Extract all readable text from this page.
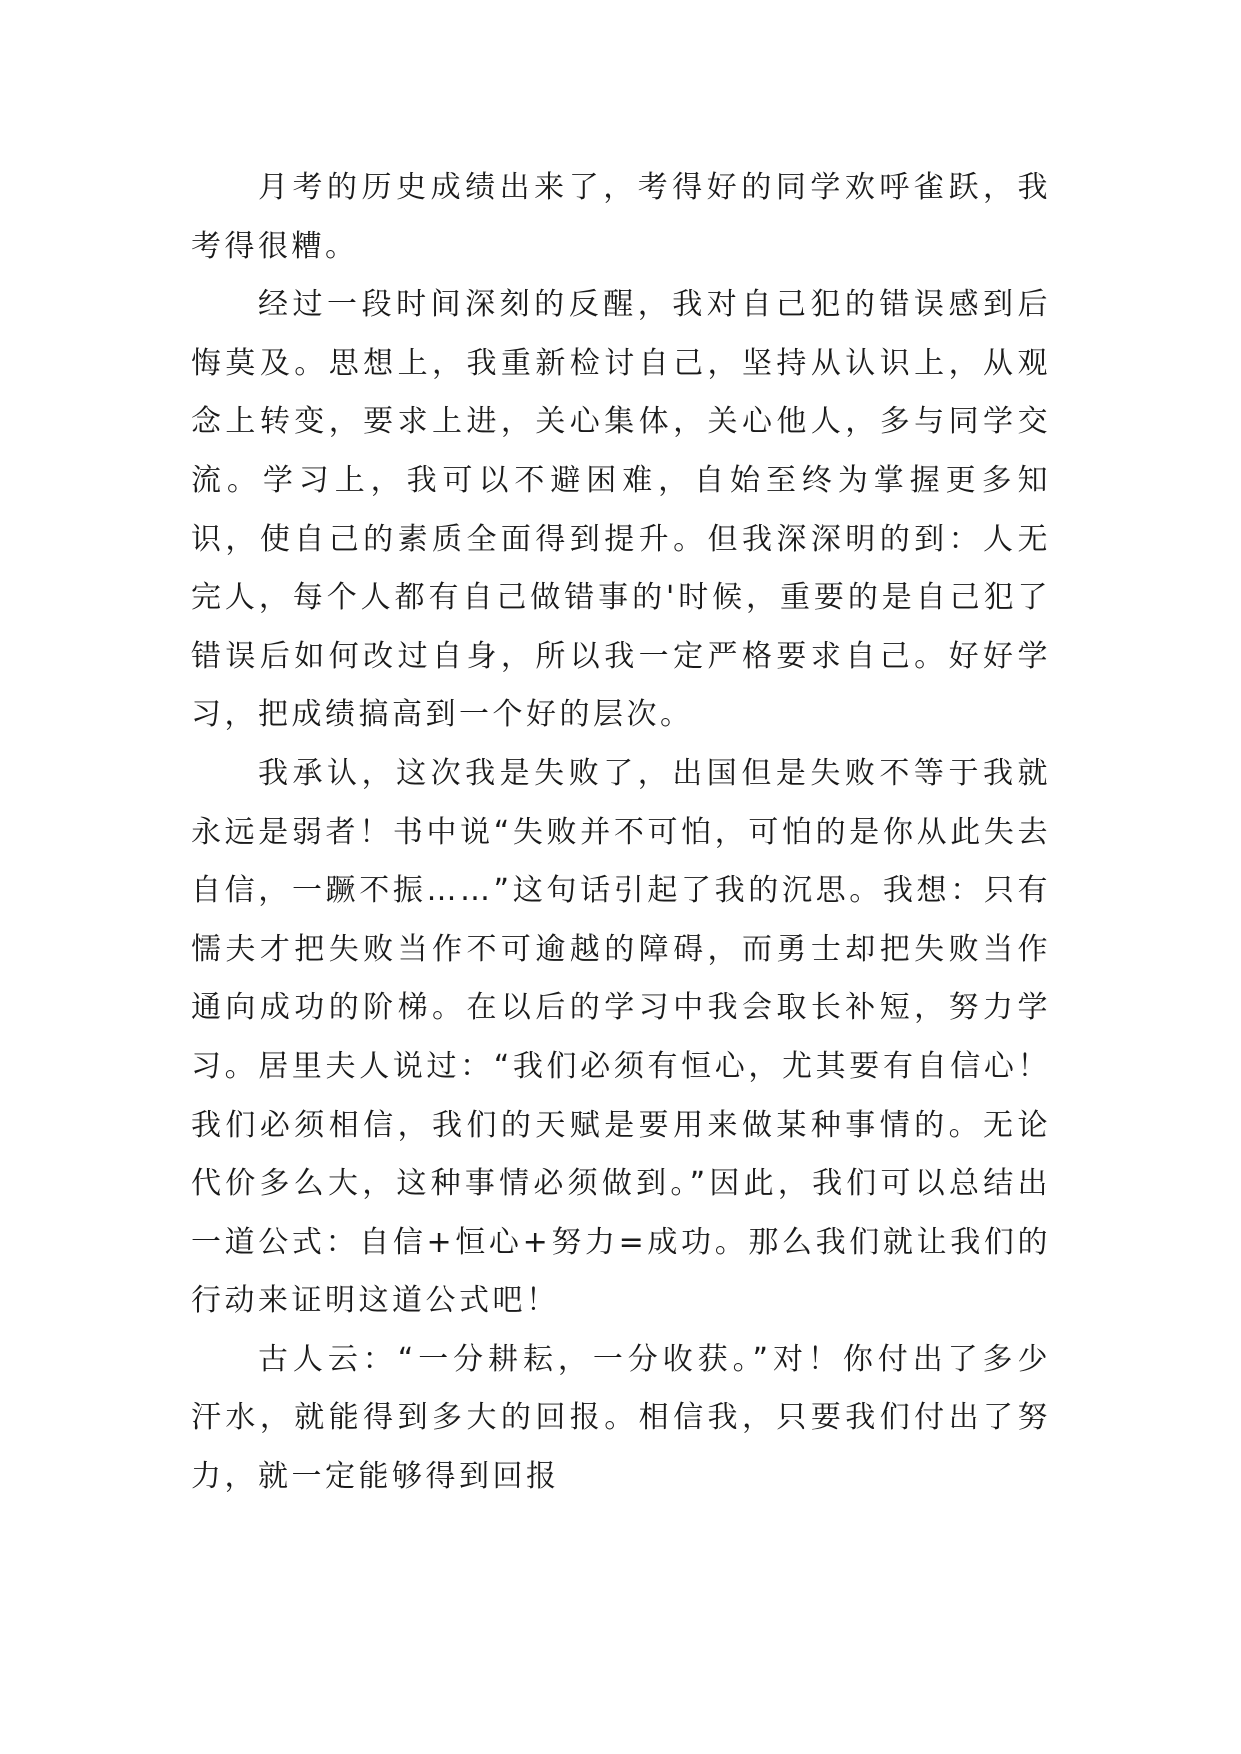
月考的历史成绩出来了，考得好的同学欢呼雀跃，我考得很糟。

经过一段时间深刻的反醒，我对自己犯的错误感到后悔莫及。思想上，我重新检讨自己，坚持从认识上，从观念上转变，要求上进，关心集体，关心他人，多与同学交流。学习上，我可以不避困难，自始至终为掌握更多知识，使自己的素质全面得到提升。但我深深明的到：人无完人，每个人都有自己做错事的'时候，重要的是自己犯了错误后如何改过自身，所以我一定严格要求自己。好好学习，把成绩搞高到一个好的层次。

我承认，这次我是失败了，出国但是失败不等于我就永远是弱者！书中说“失败并不可怕，可怕的是你从此失去自信，一蹶不振……”这句话引起了我的沉思。我想：只有懦夫才把失败当作不可逾越的障碍，而勇士却把失败当作通向成功的阶梯。在以后的学习中我会取长补短，努力学习。居里夫人说过：“我们必须有恒心，尤其要有自信心！我们必须相信，我们的天赋是要用来做某种事情的。无论代价多么大，这种事情必须做到。”因此，我们可以总结出一道公式：自信+恒心+努力=成功。那么我们就让我们的行动来证明这道公式吧！

古人云：“一分耕耘，一分收获。”对！你付出了多少汗水，就能得到多大的回报。相信我，只要我们付出了努力，就一定能够得到回报
